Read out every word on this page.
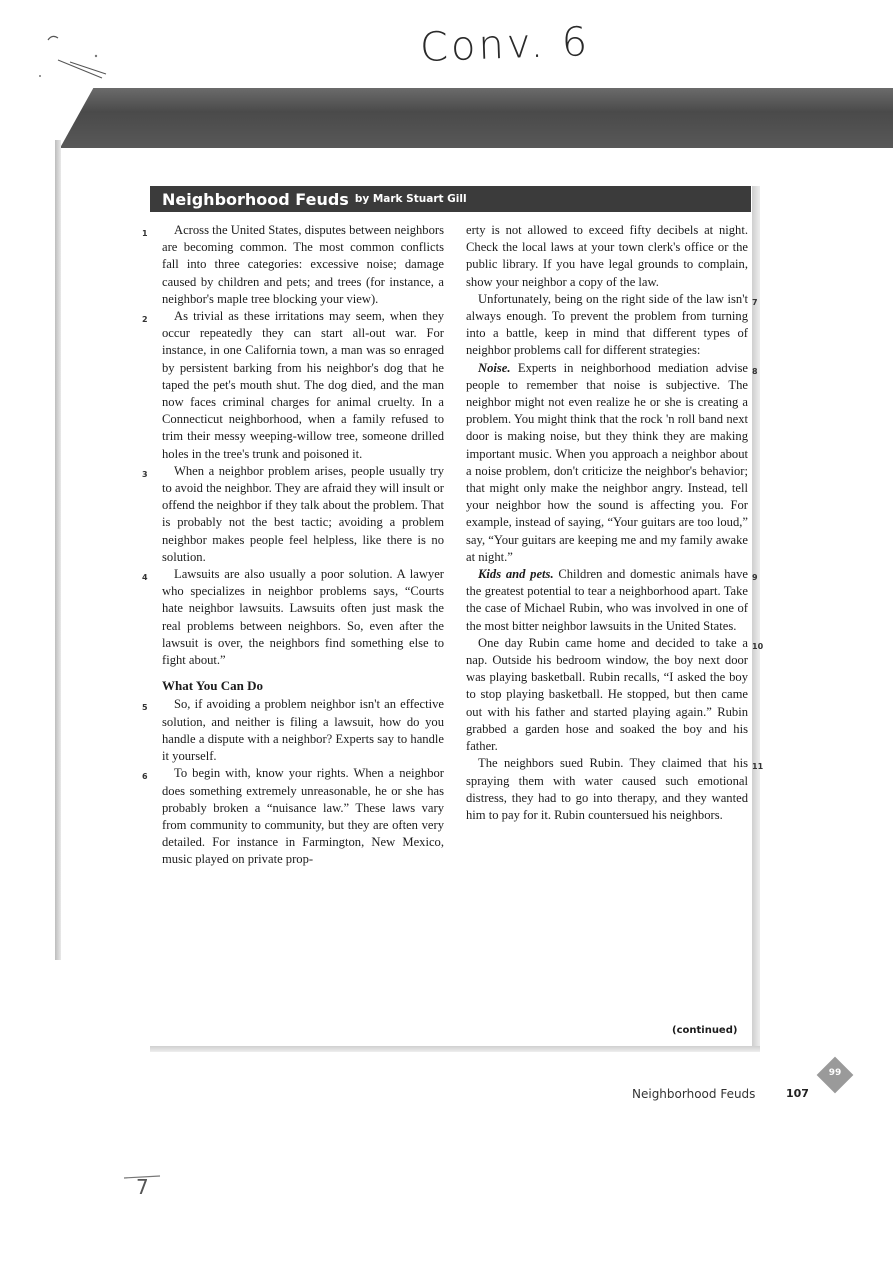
Conv. 6
Neighborhood Feuds by Mark Stuart Gill

1 Across the United States, disputes between neighbors are becoming common. The most common conflicts fall into three categories: excessive noise; damage caused by children and pets; and trees (for instance, a neighbor's maple tree blocking your view).

2 As trivial as these irritations may seem, when they occur repeatedly they can start all-out war. For instance, in one California town, a man was so enraged by persistent barking from his neighbor's dog that he taped the pet's mouth shut. The dog died, and the man now faces criminal charges for animal cruelty. In a Connecticut neighborhood, when a family refused to trim their messy weeping-willow tree, someone drilled holes in the tree's trunk and poisoned it.

3 When a neighbor problem arises, people usually try to avoid the neighbor. They are afraid they will insult or offend the neighbor if they talk about the problem. That is probably not the best tactic; avoiding a problem neighbor makes people feel helpless, like there is no solution.

4 Lawsuits are also usually a poor solution. A lawyer who specializes in neighbor problems says, “Courts hate neighbor lawsuits. Lawsuits often just mask the real problems between neighbors. So, even after the lawsuit is over, the neighbors find something else to fight about.”

What You Can Do

5 So, if avoiding a problem neighbor isn't an effective solution, and neither is filing a lawsuit, how do you handle a dispute with a neighbor? Experts say to handle it yourself.

6 To begin with, know your rights. When a neighbor does something extremely unreasonable, he or she has probably broken a “nuisance law.” These laws vary from community to community, but they are often very detailed. For instance in Farmington, New Mexico, music played on private prop-

erty is not allowed to exceed fifty decibels at night. Check the local laws at your town clerk's office or the public library. If you have legal grounds to complain, show your neighbor a copy of the law.

7
Unfortunately, being on the right side of the law isn't always enough. To prevent the problem from turning into a battle, keep in mind that different types of neighbor problems call for different strategies:

8
Noise. Experts in neighborhood mediation advise people to remember that noise is subjective. The neighbor might not even realize he or she is creating a problem. You might think that the rock 'n roll band next door is making noise, but they think they are making important music. When you approach a neighbor about a noise problem, don't criticize the neighbor's behavior; that might only make the neighbor angry. Instead, tell your neighbor how the sound is affecting you. For example, instead of saying, “Your guitars are too loud,” say, “Your guitars are keeping me and my family awake at night.”

9
Kids and pets. Children and domestic animals have the greatest potential to tear a neighborhood apart. Take the case of Michael Rubin, who was involved in one of the most bitter neighbor lawsuits in the United States.

10
One day Rubin came home and decided to take a nap. Outside his bedroom window, the boy next door was playing basketball. Rubin recalls, “I asked the boy to stop playing basketball. He stopped, but then came out with his father and started playing again.” Rubin grabbed a garden hose and soaked the boy and his father.

11
The neighbors sued Rubin. They claimed that his spraying them with water caused such emotional distress, they had to go into therapy, and they wanted him to pay for it. Rubin countersued his neighbors.

(continued)
99
Neighborhood Feuds	107
7
